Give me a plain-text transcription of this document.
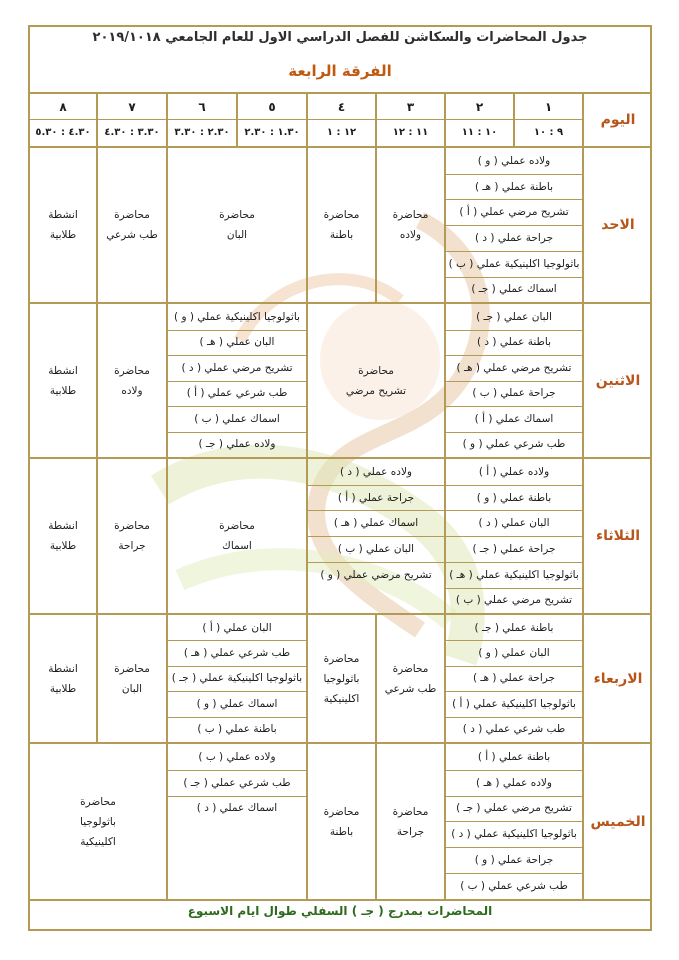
جدول المحاضرات والسكاشن للفصل الدراسي الاول للعام الجامعي ٢٠١٩/١٠١٨
الفرقة الرابعة
اليوم
١
٢
٣
٤
٥
٦
٧
٨
٩ : ١٠
١٠ : ١١
١١ : ١٢
١٢ : ١
١.٣٠ : ٢.٣٠
٢.٣٠ : ٣.٣٠
٣.٣٠ : ٤.٣٠
٤.٣٠ : ٥.٣٠
الاحد
الاثنين
الثلاثاء
الاربعاء
الخميس
ولاده عملي ( و )
باطنة عملي ( هـ )
تشريح مرضي عملي ( أ )
جراحة عملي ( د )
باثولوجيا اكلينيكية عملي ( ب )
اسماك عملي ( جـ )
البان عملي ( جـ )
باطنة عملي ( د )
تشريح مرضي عملي ( هـ )
جراحة عملي ( ب )
اسماك عملي ( أ )
طب شرعي عملي ( و )
باثولوجيا اكلينيكية عملي ( و )
البان عملي ( هـ )
تشريح مرضي عملي ( د )
طب شرعي عملي ( أ )
اسماك عملي ( ب )
ولاده عملي ( جـ )
ولاده عملي ( أ )
باطنة عملي ( و )
البان عملي ( د )
جراحة عملي ( جـ )
باثولوجيا اكلينيكية عملي ( هـ )
تشريح مرضي عملي ( ب )
ولاده عملي ( د )
جراحة عملي ( أ )
اسماك عملي ( هـ )
البان عملي ( ب )
تشريح مرضي عملي ( و )
باطنة عملي ( جـ )
البان عملي ( و )
جراحة عملي ( هـ )
باثولوجيا اكلينيكية عملي ( أ )
طب شرعي عملي ( د )
البان عملي ( أ )
طب شرعي عملي ( هـ )
باثولوجيا اكلينيكية عملي ( جـ )
اسماك عملي ( و )
باطنة عملي ( ب )
باطنة عملي ( أ )
ولاده عملي ( هـ )
تشريح مرضي عملي ( جـ )
باثولوجيا اكلينيكية عملي ( د )
جراحة عملي ( و )
طب شرعي عملي ( ب )
ولاده عملي ( ب )
طب شرعي عملي ( جـ )
اسماك عملي ( د )
محاضرة
ولاده
محاضرة
باطنة
محاضرة
البان
محاضرة
طب شرعي
انشطة
طلابية
محاضرة
تشريح مرضي
محاضرة
ولاده
انشطة
طلابية
محاضرة
اسماك
محاضرة
جراحة
انشطة
طلابية
محاضرة
طب شرعي
محاضرة
باثولوجيا
اكلينيكية
محاضرة
البان
انشطة
طلابية
محاضرة
جراحة
محاضرة
باطنة
محاضرة
باثولوجيا
اكلينيكية
المحاضرات بمدرج ( جـ ) السفلي طوال ايام الاسبوع
